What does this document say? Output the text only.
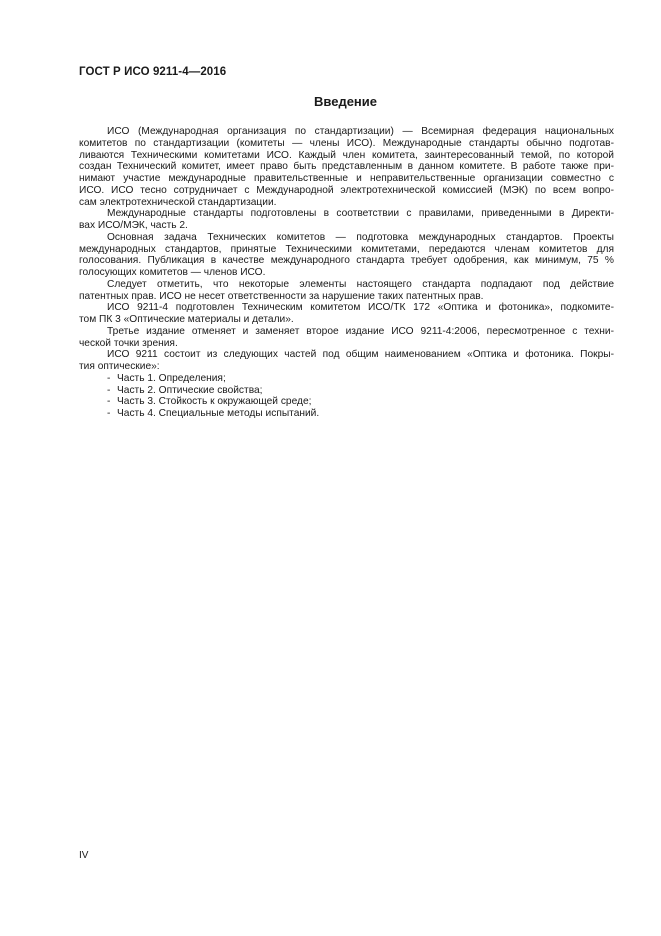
ГОСТ Р ИСО 9211-4—2016
Введение

ИСО (Международная организация по стандартизации) — Всемирная федерация национальных
комитетов по стандартизации (комитеты — члены ИСО). Международные стандарты обычно подготав-
ливаются Техническими комитетами ИСО. Каждый член комитета, заинтересованный темой, по которой
создан Технический комитет, имеет право быть представленным в данном комитете. В работе также при-
нимают участие международные правительственные и неправительственные организации совместно с
ИСО. ИСО тесно сотрудничает с Международной электротехнической комиссией (МЭК) по всем вопро-
сам электротехнической стандартизации.

Международные стандарты подготовлены в соответствии с правилами, приведенными в Директи-
вах ИСО/МЭК, часть 2.

Основная задача Технических комитетов — подготовка международных стандартов. Проекты
международных стандартов, принятые Техническими комитетами, передаются членам комитетов для
голосования. Публикация в качестве международного стандарта требует одобрения, как минимум, 75 %
голосующих комитетов — членов ИСО.

Следует отметить, что некоторые элементы настоящего стандарта подпадают под действие
патентных прав. ИСО не несет ответственности за нарушение таких патентных прав.

ИСО 9211-4 подготовлен Техническим комитетом ИСО/ТК 172 «Оптика и фотоника», подкомите-
том ПК 3 «Оптические материалы и детали».

Третье издание отменяет и заменяет второе издание ИСО 9211-4:2006, пересмотренное с техни-
ческой точки зрения.

ИСО 9211 состоит из следующих частей под общим наименованием «Оптика и фотоника. Покры-
тия оптические»:

- Часть 1. Определения;
- Часть 2. Оптические свойства;
- Часть 3. Стойкость к окружающей среде;
- Часть 4. Специальные методы испытаний.
IV
